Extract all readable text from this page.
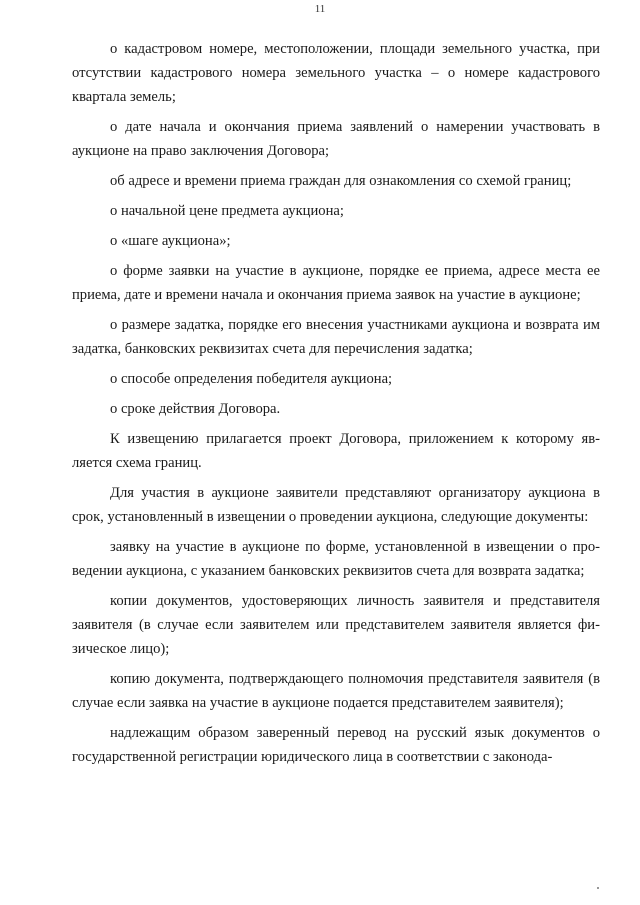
11

о кадастровом номере, местоположении, площади земельного участка, при отсутствии кадастрового номера земельного участка – о номере кадастрового квартала земель;

о дате начала и окончания приема заявлений о намерении участвовать в аукционе на право заключения Договора;

об адресе и времени приема граждан для ознакомления со схемой границ;

о начальной цене предмета аукциона;

о «шаге аукциона»;

о форме заявки на участие в аукционе, порядке ее приема, адресе места ее приема, дате и времени начала и окончания приема заявок на участие в аукционе;

о размере задатка, порядке его внесения участниками аукциона и возврата им задатка, банковских реквизитах счета для перечисления задатка;

о способе определения победителя аукциона;

о сроке действия Договора.

К извещению прилагается проект Договора, приложением к которому является схема границ.

Для участия в аукционе заявители представляют организатору аукциона в срок, установленный в извещении о проведении аукциона, следующие документы:

заявку на участие в аукционе по форме, установленной в извещении о проведении аукциона, с указанием банковских реквизитов счета для возврата задатка;

копии документов, удостоверяющих личность заявителя и представителя заявителя (в случае если заявителем или представителем заявителя является физическое лицо);

копию документа, подтверждающего полномочия представителя заявителя (в случае если заявка на участие в аукционе подается представителем заявителя);

надлежащим образом заверенный перевод на русский язык документов о государственной регистрации юридического лица в соответствии с законода-
